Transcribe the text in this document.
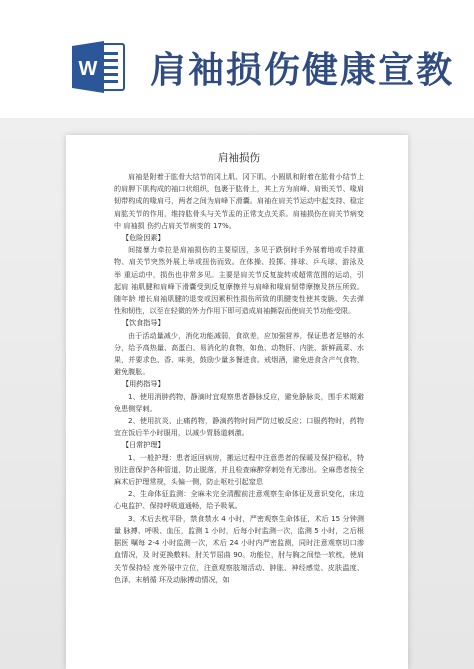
W 肩袖损伤健康宣教
肩袖损伤

肩袖是附着于肱骨大结节的冈上肌、冈下肌、小圆肌和附着在肱骨小结节上 的肩胛下肌构成的袖口状组织，包裹于肱骨上，其上方为肩峰、肩锁关节、喙肩 韧带构成的喙肩弓，两者之间为肩峰下滑囊。肩袖在肩关节运动中起支持、稳定 肩肱关节的作用，维持肱骨头与关节盂的正常支点关系。肩袖损伤在肩关节病变中 肩袖损 伤约占肩关节病变的 17%。

【危险因素】

间接暴力牵拉是肩袖损伤的主要原因，多见于跌倒时手外展着地或手持重 物、肩关节突然外展上举或扭伤而致。在体操、投掷、排球、乒乓球、游泳及 举 重运动中，损伤也非常多见。主要是肩关节反复旋转或超常范围的运动，引起肩 袖肌腱和肩峰下滑囊受到反复摩擦并与肩峰和喙肩韧带摩擦及挤压所致。随年龄 增长肩袖肌腱的退变或因累积性损伤所致的肌腱变性使其变脆、失去弹性和韧性，以至在轻微的外力作用下即可造成肩袖撕裂而使肩关节功能受限。

【饮食指导】

由于活动量减少，消化功能减弱，食欲差，应加强营养，保证患者足够的水 分，给予高热量、高蛋白、易消化的食物，如鱼、动物肝、内脏、新鲜蔬菜、水 果，并要求色、香、味美，鼓励少量多餐进食。戒烟酒，避免进食含产气食物，避免腹胀。

【用药指导】

1、使用消肿药物，静滴时宜观察患者静脉反应，避免静脉炎，围手术期避 免患侧穿刺。

2、使用抗炎、止痛药物，静滴药物时间严防过敏反应；口服药物时，药物 宜在饭后半小时服用，以减少胃肠道刺激。

【日常护理】

1、一般护理：患者返回病房，搬运过程中注意患者的保暖及保护稳私，特 别注意保护各种管道，防止脱落，并且检查麻醉穿刺处有无渗出。全麻患者按全 麻术后护理常规，头偏一侧，防止呕吐引起窒息

2、生命体征监测：全麻未完全清醒前注意观察生命体征及意识变化，床边 心电监护、保持呼吸道通畅，给予吸氧。

3、术后去枕平卧，禁食禁水 4 小时，严密观察生命体征，术后 15 分钟测量 脉搏、呼吸、血压，监测 1 小时，后每小时监测一次，监测 5 小时，之后根据医 嘱每 2-4 小时监测一次，术后 24 小时内严密监测，同时注意观察切口渗血情况，及 时更换敷料。肘关节屈曲 90。功能位，肘与胸之间垫一软枕，使肩关节保持轻 度外展中立位，注意观察肢端活动、肿胀、神经感觉、皮肤温度、色泽、末梢循 环及动脉搏动情况，如
